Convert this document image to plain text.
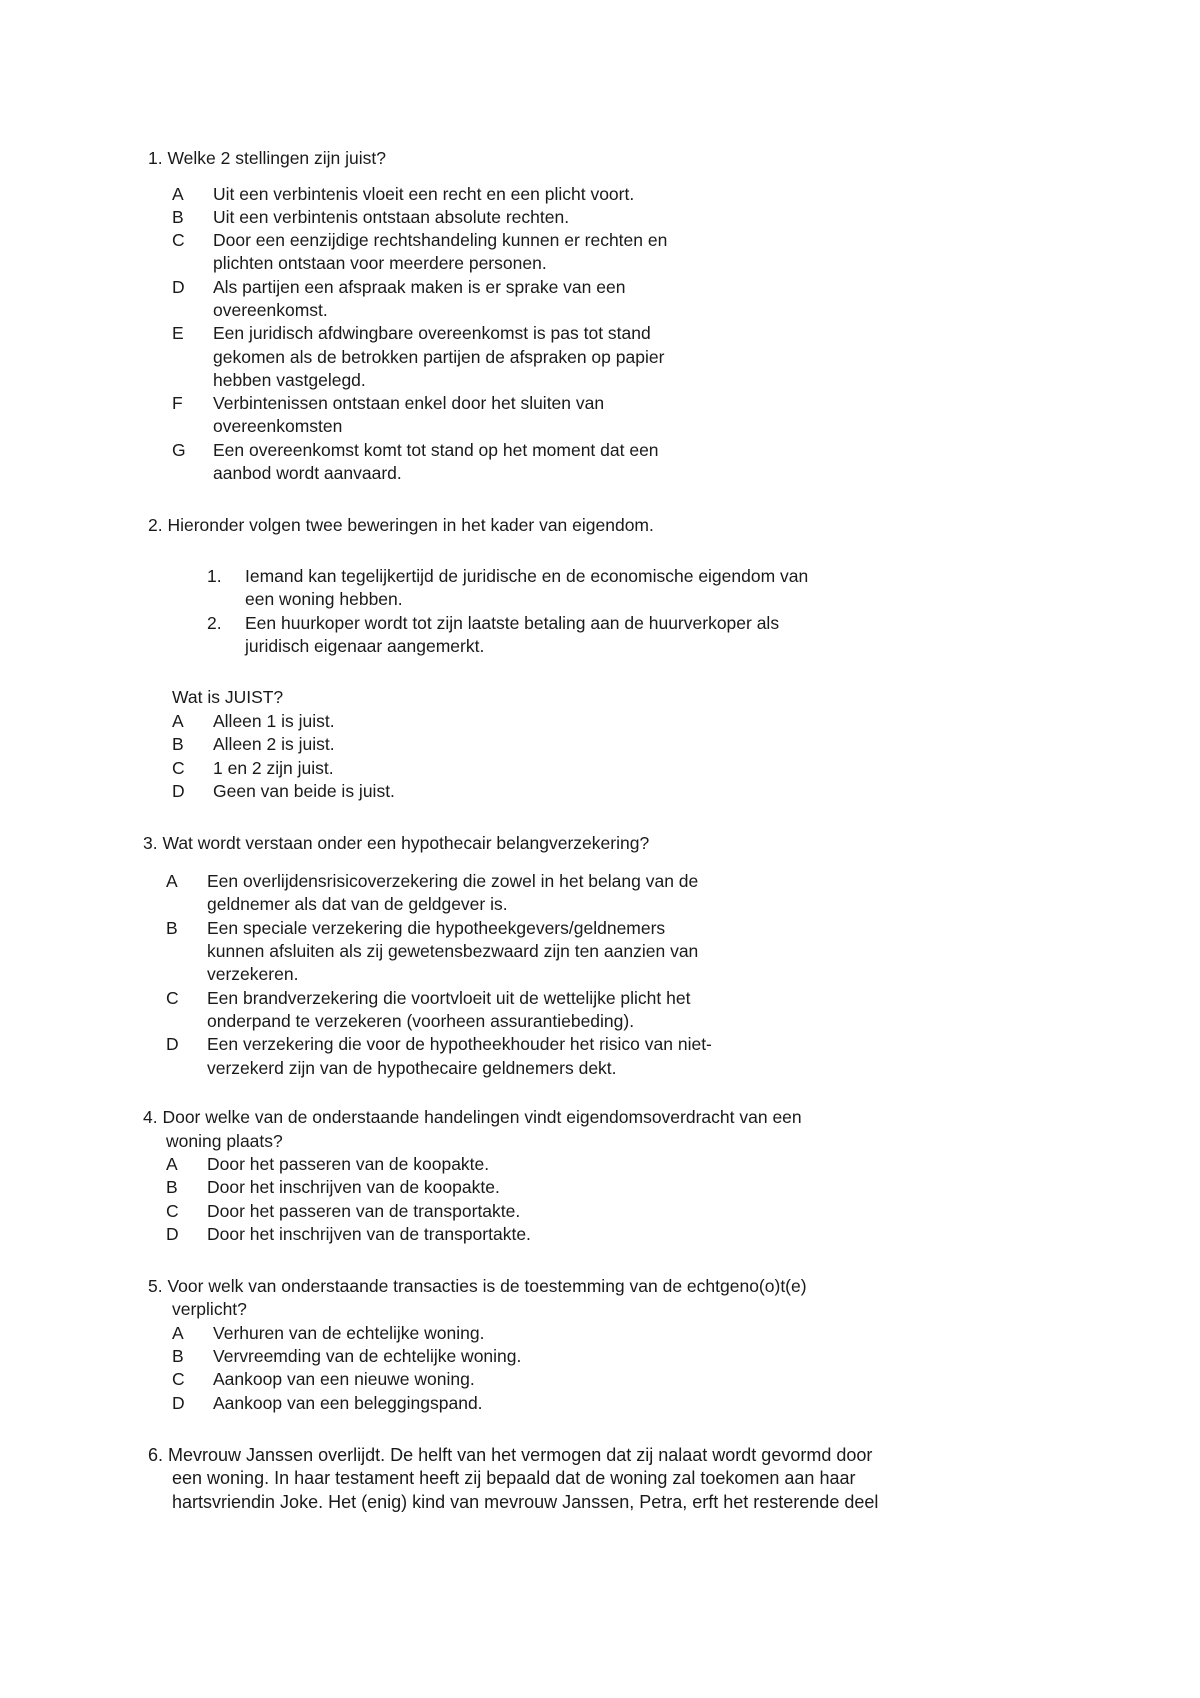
1. Welke 2 stellingen zijn juist?
A Uit een verbintenis vloeit een recht en een plicht voort.
B Uit een verbintenis ontstaan absolute rechten.
C Door een eenzijdige rechtshandeling kunnen er rechten en
plichten ontstaan voor meerdere personen.
D Als partijen een afspraak maken is er sprake van een
overeenkomst.
E Een juridisch afdwingbare overeenkomst is pas tot stand
gekomen als de betrokken partijen de afspraken op papier
hebben vastgelegd.
F Verbintenissen ontstaan enkel door het sluiten van
overeenkomsten
G Een overeenkomst komt tot stand op het moment dat een
aanbod wordt aanvaard.
2. Hieronder volgen twee beweringen in het kader van eigendom.
1. Iemand kan tegelijkertijd de juridische en de economische eigendom van
een woning hebben.
2. Een huurkoper wordt tot zijn laatste betaling aan de huurverkoper als
juridisch eigenaar aangemerkt.
Wat is JUIST?
A Alleen 1 is juist.
B Alleen 2 is juist.
C 1 en 2 zijn juist.
D Geen van beide is juist.
3. Wat wordt verstaan onder een hypothecair belangverzekering?
A Een overlijdensrisicoverzekering die zowel in het belang van de
geldnemer als dat van de geldgever is.
B Een speciale verzekering die hypotheekgevers/geldnemers
kunnen afsluiten als zij gewetensbezwaard zijn ten aanzien van
verzekeren.
C Een brandverzekering die voortvloeit uit de wettelijke plicht het
onderpand te verzekeren (voorheen assurantiebeding).
D Een verzekering die voor de hypotheekhouder het risico van niet-
verzekerd zijn van de hypothecaire geldnemers dekt.
4. Door welke van de onderstaande handelingen vindt eigendomsoverdracht van een
woning plaats?
A Door het passeren van de koopakte.
B Door het inschrijven van de koopakte.
C Door het passeren van de transportakte.
D Door het inschrijven van de transportakte.
5. Voor welk van onderstaande transacties is de toestemming van de echtgeno(o)t(e)
verplicht?
A Verhuren van de echtelijke woning.
B Vervreemding van de echtelijke woning.
C Aankoop van een nieuwe woning.
D Aankoop van een beleggingspand.
6. Mevrouw Janssen overlijdt. De helft van het vermogen dat zij nalaat wordt gevormd door
een woning. In haar testament heeft zij bepaald dat de woning zal toekomen aan haar
hartsvriendin Joke. Het (enig) kind van mevrouw Janssen, Petra, erft het resterende deel
